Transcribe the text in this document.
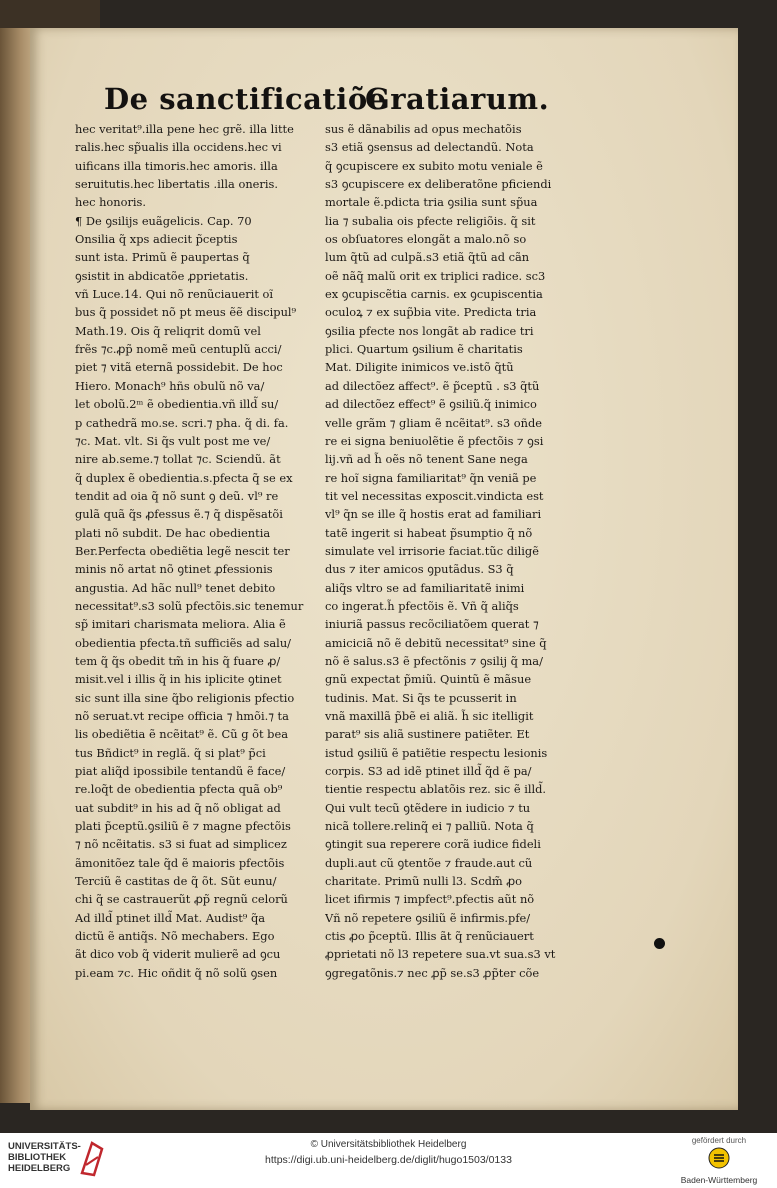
De sanctificatiõe
Gratiarum.
hec veritat⁹.illa pene hec grẽ. illa litte
ralis.hec sp̃ualis illa occidens.hec vi
uificans illa timoris.hec amoris. illa
seruitutis.hec libertatis .illa oneris.
hec honoris.
¶ De ꝯsilijs euãgelicis. Cap. 70
Onsilia q̃ xps adiecit p̃ceptis
sunt ista. Primũ ẽ paupertas q̃
ꝯsistit in abdicatõe ꝓprietatis.
vñ Luce.14. Qui nõ renũciauerit oĩ
bus q̃ possidet nõ pt meus ẽẽ discipul⁹
Math.19. Ois q̃ reliqrit domũ vel
frẽs ⁊c.ꝓp̃ nomẽ meũ centuplũ acci/
piet ⁊ vitã eternã possidebit. De hoc
Hiero. Monach⁹ hñs obulũ nõ va/
let obolũ.2ᵐ ẽ obedientia.vñ illd̃ su/
p cathedrã mo.se. scri.⁊ pha. q̃ di. fa.
⁊c. Mat. vlt. Si q̃s vult post me ve/
nire ab.seme.⁊ tollat ⁊c. Sciendũ. ãt
q̃ duplex ẽ obedientia.s.pfecta q̃ se ex
tendit ad oia q̃ nõ sunt ꝯ deũ. vl⁹ re
gulã quã q̃s ꝓfessus ẽ.⁊ q̃ dispẽsatõi
plati nõ subdit. De hac obedientia
Ber.Perfecta obediẽtia legẽ nescit ter
minis nõ artat nõ ꝯtinet ꝓfessionis
angustia. Ad hãc null⁹ tenet debito
necessitat⁹.s3 solũ pfectõis.sic tenemur
sp̃ imitari charismata meliora. Alia ẽ
obedientia pfecta.tñ sufficiẽs ad salu/
tem q̃ q̃s obedit tm̃ in his q̃ fuare ꝓ/
misit.vel i illis q̃ in his iplicite ꝯtinet
sic sunt illa sine q̃bo religionis pfectio
nõ seruat.vt recipe officia ⁊ hmõi.⁊ ta
lis obediẽtia ẽ ncẽitat⁹ ẽ. Cũ g õt bea
tus Bñdict⁹ in reglã. q̃ si plat⁹ p̃ci
piat aliq̃d ipossibile tentandũ ẽ face/
re.loq̃t de obedientia pfecta quã ob⁹
uat subdit⁹ in his ad q̃ nõ obligat ad
plati p̃ceptũ.ꝯsiliũ ẽ ⁊ magne pfectõis
⁊ nõ ncẽitatis. s3 si fuat ad simplicez
ãmonitõez tale q̃d ẽ maioris pfectõis
Terciũ ẽ castitas de q̃ õt. Sũt eunu/
chi q̃ se castrauerũt ꝓp̃ regnũ celorũ
Ad illd̃ ptinet illd̃ Mat. Audist⁹ q̃a
dictũ ẽ antiq̃s. Nõ mechabers. Ego
ãt dico vob q̃ viderit mulierẽ ad ꝯcu
pi.eam ⁊c. Hic oñdit q̃ nõ solũ ꝯsen
sus ẽ dãnabilis ad opus mechatõis
s3 etiã ꝯsensus ad delectandũ. Nota
q̃ ꝯcupiscere ex subito motu veniale ẽ
s3 ꝯcupiscere ex deliberatõne pficiendi
mortale ẽ.pdicta tria ꝯsilia sunt sp̃ua
lia ⁊ subalia ois pfecte religiõis. q̃ sit
os obſuatores elongãt a malo.nõ so
lum q̃tũ ad culpã.s3 etiã q̃tũ ad cãn
oẽ nãq̃ malũ orit ex triplici radice. sc3
ex ꝯcupiscẽtia carnis. ex ꝯcupiscentia
oculoꝝ ⁊ ex sup̃bia vite. Predicta tria
ꝯsilia pfecte nos longãt ab radice tri
plici. Quartum ꝯsilium ẽ charitatis
Mat. Diligite inimicos ve.istõ q̃tũ
ad dilectõez affect⁹. ẽ p̃ceptũ . s3 q̃tũ
ad dilectõez effect⁹ ẽ ꝯsiliũ.q̃ inimico
velle grãm ⁊ gliam ẽ ncẽitat⁹. s3 oñde
re ei signa beniuolẽtie ẽ pfectõis ⁊ ꝯsi
lij.vñ ad h̃ oẽs nõ tenent Sane nega
re hoĩ signa familiaritat⁹ q̃n veniã pe
tit vel necessitas exposcit.vindicta est
vl⁹ q̃n se ille q̃ hostis erat ad familiari
tatẽ ingerit si habeat p̃sumptio q̃ nõ
simulate vel irrisorie faciat.tũc diligẽ
dus ⁊ iter amicos ꝯputãdus. S3 q̃
aliq̃s vltro se ad familiaritatẽ inimi
co ingerat.h̃ pfectõis ẽ. Vñ q̃ aliq̃s
iniuriã passus recõciliatõem querat ⁊
amiciciã nõ ẽ debitũ necessitat⁹ sine q̃
nõ ẽ salus.s3 ẽ pfectõnis ⁊ ꝯsilij q̃ ma/
gnũ expectat p̃miũ. Quintũ ẽ mãsue
tudinis. Mat. Si q̃s te pcusserit in
vnã maxillã p̃bẽ ei aliã. h̃ sic itelligit
parat⁹ sis aliã sustinere patiẽter. Et
istud ꝯsiliũ ẽ patiẽtie respectu lesionis
corpis. S3 ad idẽ ptinet illd̃ q̃d ẽ pa/
tientie respectu ablatõis rez. sic ẽ illd̃.
Qui vult tecũ ꝯtẽdere in iudicio ⁊ tu
nicã tollere.relinq̃ ei ⁊ palliũ. Nota q̃
ꝯtingit sua reperere corã iudice fideli
dupli.aut cũ ꝯtentõe ⁊ fraude.aut cũ
charitate. Primũ nulli l3. Scdm̃ ꝓo
licet ifirmis ⁊ impfect⁹.pfectis aũt nõ
Vñ nõ repetere ꝯsiliũ ẽ infirmis.pfe/
ctis ꝓo p̃ceptũ. Illis ãt q̃ renũciauert
ꝓprietati nõ l3 repetere sua.vt sua.s3 vt
ꝯgregatõnis.⁊ nec ꝓp̃ se.s3 ꝓp̃ter cõe
UNIVERSITÄTS-
BIBLIOTHEK
HEIDELBERG
© Universitätsbibliothek Heidelberg
https://digi.ub.uni-heidelberg.de/diglit/hugo1503/0133
gefördert durch
Baden-Württemberg
